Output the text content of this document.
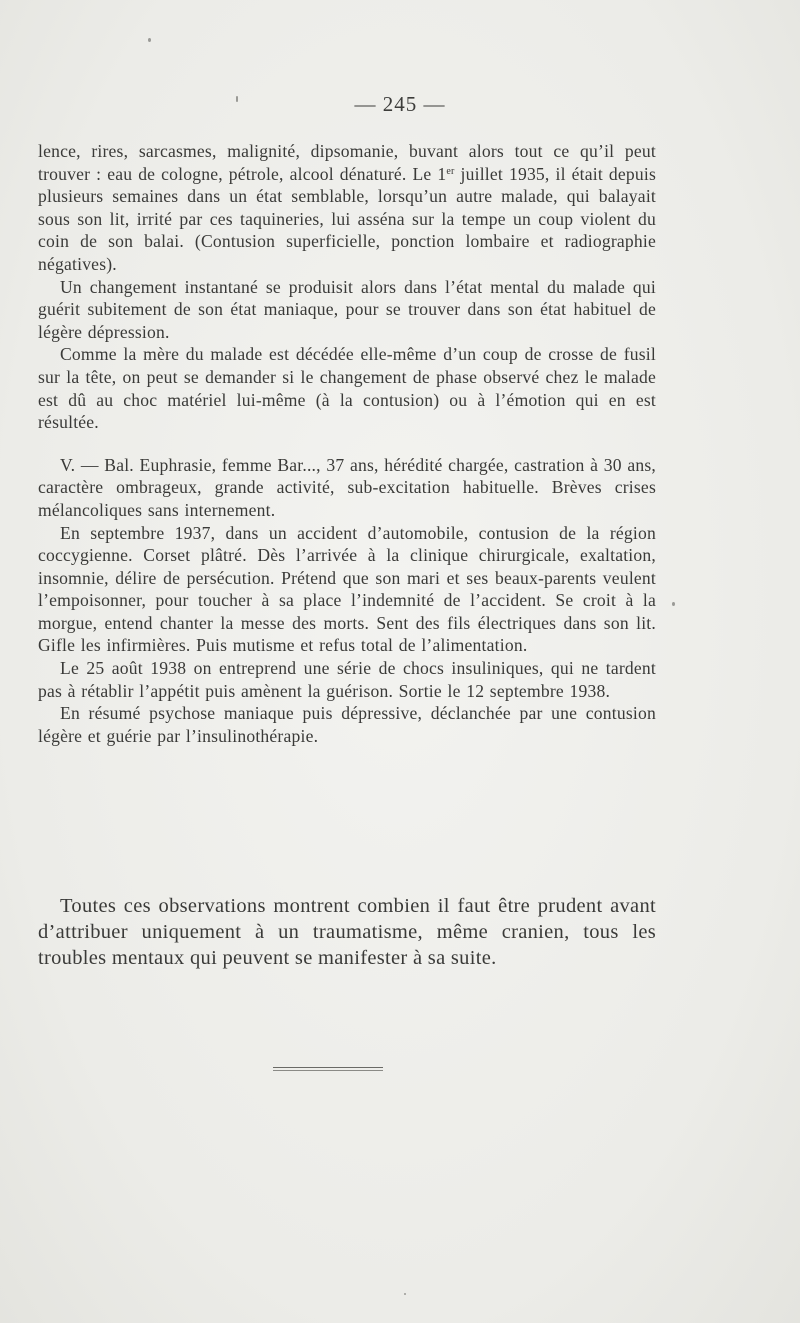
— 245 —

lence, rires, sarcasmes, malignité, dipsomanie, buvant alors tout ce qu’il peut trouver : eau de cologne, pétrole, alcool dénaturé. Le 1er juillet 1935, il était depuis plusieurs semaines dans un état semblable, lorsqu’un autre malade, qui balayait sous son lit, irrité par ces taquineries, lui asséna sur la tempe un coup violent du coin de son balai. (Contusion superficielle, ponction lombaire et radiographie négatives).

Un changement instantané se produisit alors dans l’état mental du malade qui guérit subitement de son état maniaque, pour se trouver dans son état habituel de légère dépression.

Comme la mère du malade est décédée elle-même d’un coup de crosse de fusil sur la tête, on peut se demander si le changement de phase observé chez le malade est dû au choc matériel lui-même (à la contusion) ou à l’émotion qui en est résultée.

V. — Bal. Euphrasie, femme Bar..., 37 ans, hérédité chargée, castration à 30 ans, caractère ombrageux, grande activité, sub-excitation habituelle. Brèves crises mélancoliques sans internement.

En septembre 1937, dans un accident d’automobile, contusion de la région coccygienne. Corset plâtré. Dès l’arrivée à la clinique chirurgicale, exaltation, insomnie, délire de persécution. Prétend que son mari et ses beaux-parents veulent l’empoisonner, pour toucher à sa place l’indemnité de l’accident. Se croit à la morgue, entend chanter la messe des morts. Sent des fils électriques dans son lit. Gifle les infirmières. Puis mutisme et refus total de l’alimentation.

Le 25 août 1938 on entreprend une série de chocs insuliniques, qui ne tardent pas à rétablir l’appétit puis amènent la guérison. Sortie le 12 septembre 1938.

En résumé psychose maniaque puis dépressive, déclanchée par une contusion légère et guérie par l’insulinothérapie.

Toutes ces observations montrent combien il faut être prudent avant d’attribuer uniquement à un traumatisme, même cranien, tous les troubles mentaux qui peuvent se manifester à sa suite.
